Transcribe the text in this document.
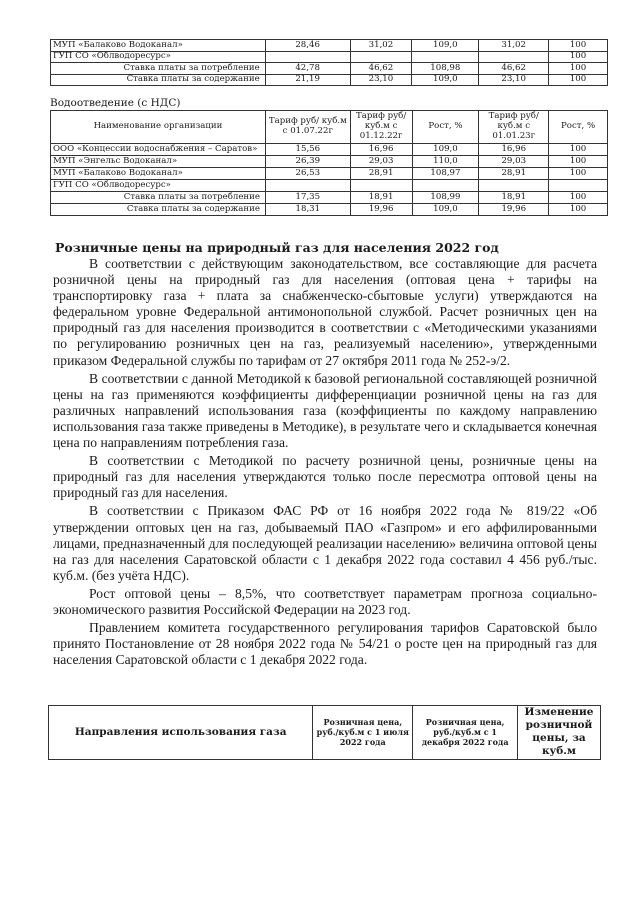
МУП «Балаково Водоканал»	28,46	31,02	109,0	31,02	100
ГУП СО «Облводоресурс»					100
Ставка платы за потребление	42,78	46,62	108,98	46,62	100
Ставка платы за содержание	21,19	23,10	109,0	23,10	100
Водоотведение (с НДС)
Наименование организации	Тариф руб/ куб.м с 01.07.22г	Тариф руб/ куб.м с 01.12.22г	Рост, %	Тариф руб/ куб.м с 01.01.23г	Рост, %
ООО «Концессии водоснабжения – Саратов»	15,56	16,96	109,0	16,96	100
МУП «Энгельс Водоканал»	26,39	29,03	110,0	29,03	100
МУП «Балаково Водоканал»	26,53	28,91	108,97	28,91	100
ГУП СО «Облводоресурс»					
Ставка платы за потребление	17,35	18,91	108,99	18,91	100
Ставка платы за содержание	18,31	19,96	109,0	19,96	100
Розничные цены на природный газ для населения 2022 год

В соответствии с действующим законодательством, все составляющие для расчета розничной цены на природный газ для населения (оптовая цена + тарифы на транспортировку газа + плата за снабженческо-сбытовые услуги) утверждаются на федеральном уровне Федеральной антимонопольной службой. Расчет розничных цен на природный газ для населения производится в соответствии с «Методическими указаниями по регулированию розничных цен на газ, реализуемый населению», утвержденными приказом Федеральной службы по тарифам от 27 октября 2011 года № 252-э/2.

В соответствии с данной Методикой к базовой региональной составляющей розничной цены на газ применяются коэффициенты дифференциации розничной цены на газ для различных направлений использования газа (коэффициенты по каждому направлению использования газа также приведены в Методике), в результате чего и складывается конечная цена по направлениям потребления газа.

В соответствии с Методикой по расчету розничной цены, розничные цены на природный газ для населения утверждаются только после пересмотра оптовой цены на природный газ для населения.

В соответствии с Приказом ФАС РФ от 16 ноября 2022 года № 819/22 «Об утверждении оптовых цен на газ, добываемый ПАО «Газпром» и его аффилированными лицами, предназначенный для последующей реализации населению» величина оптовой цены на газ для населения Саратовской области с 1 декабря 2022 года составил 4 456 руб./тыс. куб.м. (без учёта НДС).

Рост оптовой цены – 8,5%, что соответствует параметрам прогноза социально-экономического развития Российской Федерации на 2023 год.

Правлением комитета государственного регулирования тарифов Саратовской было принято Постановление от 28 ноября 2022 года № 54/21 о росте цен на природный газ для населения Саратовской области с 1 декабря 2022 года.

Направления использования газа	Розничная цена, руб./куб.м с 1 июля 2022 года	Розничная цена, руб./куб.м с 1 декабря 2022 года	Изменение розничной цены, за куб.м
